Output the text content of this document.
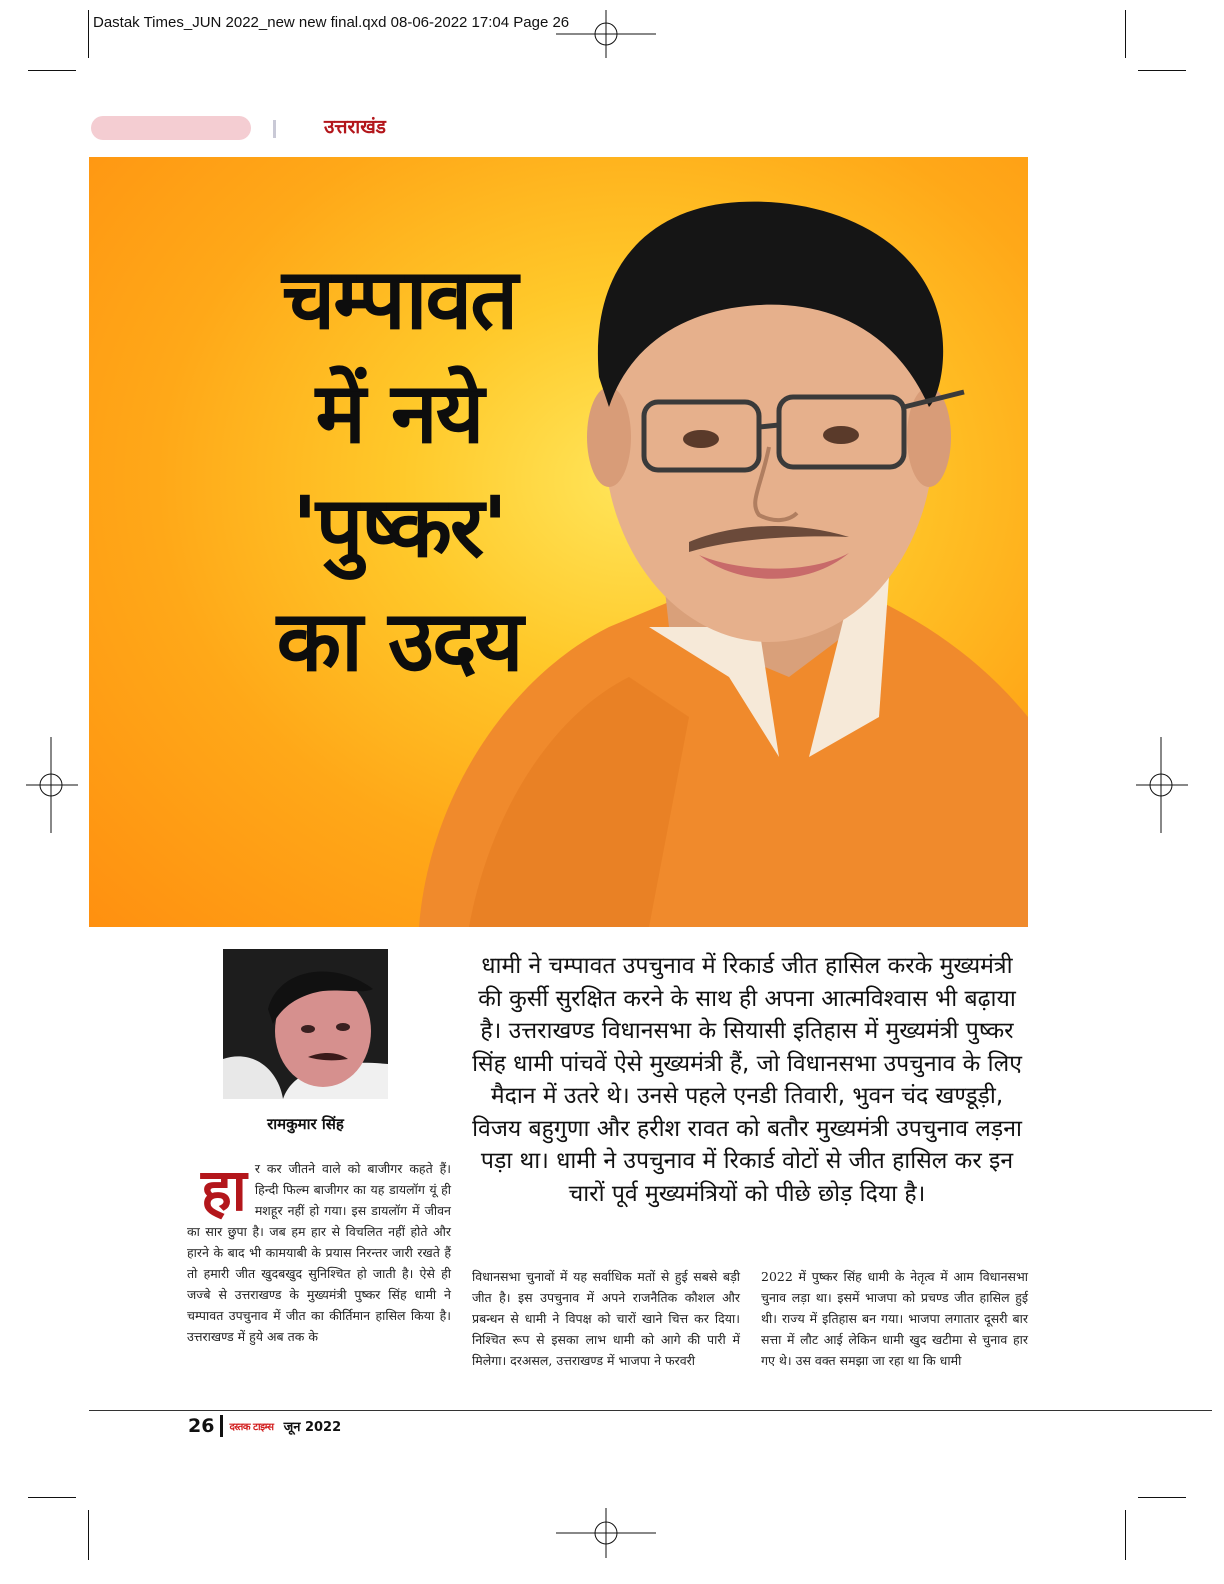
Dastak Times_JUN 2022_new new final.qxd 08-06-2022 17:04 Page 26
उत्तराखंड
चम्पावत
में नये
'पुष्कर'
का उदय
रामकुमार सिंह
धामी ने चम्पावत उपचुनाव में रिकार्ड जीत हासिल करके मुख्यमंत्री की कुर्सी सुरक्षित करने के साथ ही अपना आत्मविश्वास भी बढ़ाया है। उत्तराखण्ड विधानसभा के सियासी इतिहास में मुख्यमंत्री पुष्कर सिंह धामी पांचवें ऐसे मुख्यमंत्री हैं, जो विधानसभा उपचुनाव के लिए मैदान में उतरे थे। उनसे पहले एनडी तिवारी, भुवन चंद खण्डूड़ी, विजय बहुगुणा और हरीश रावत को बतौर मुख्यमंत्री उपचुनाव लड़ना पड़ा था। धामी ने उपचुनाव में रिकार्ड वोटों से जीत हासिल कर इन चारों पूर्व मुख्यमंत्रियों को पीछे छोड़ दिया है।
हा र कर जीतने वाले को बाजीगर कहते हैं। हिन्दी फिल्म बाजीगर का यह डायलॉग यूं ही मशहूर नहीं हो गया। इस डायलॉग में जीवन का सार छुपा है। जब हम हार से विचलित नहीं होते और हारने के बाद भी कामयाबी के प्रयास निरन्तर जारी रखते हैं तो हमारी जीत खुदबखुद सुनिश्चित हो जाती है। ऐसे ही जज्बे से उत्तराखण्ड के मुख्यमंत्री पुष्कर सिंह धामी ने चम्पावत उपचुनाव में जीत का कीर्तिमान हासिल किया है। उत्तराखण्ड में हुये अब तक के
विधानसभा चुनावों में यह सर्वाधिक मतों से हुई सबसे बड़ी जीत है। इस उपचुनाव में अपने राजनैतिक कौशल और प्रबन्धन से धामी ने विपक्ष को चारों खाने चित्त कर दिया। निश्चित रूप से इसका लाभ धामी को आगे की पारी में मिलेगा। दरअसल, उत्तराखण्ड में भाजपा ने फरवरी
2022 में पुष्कर सिंह धामी के नेतृत्व में आम विधानसभा चुनाव लड़ा था। इसमें भाजपा को प्रचण्ड जीत हासिल हुई थी। राज्य में इतिहास बन गया। भाजपा लगातार दूसरी बार सत्ता में लौट आई लेकिन धामी खुद खटीमा से चुनाव हार गए थे। उस वक्त समझा जा रहा था कि धामी
26 दस्तक टाइम्स जून 2022
